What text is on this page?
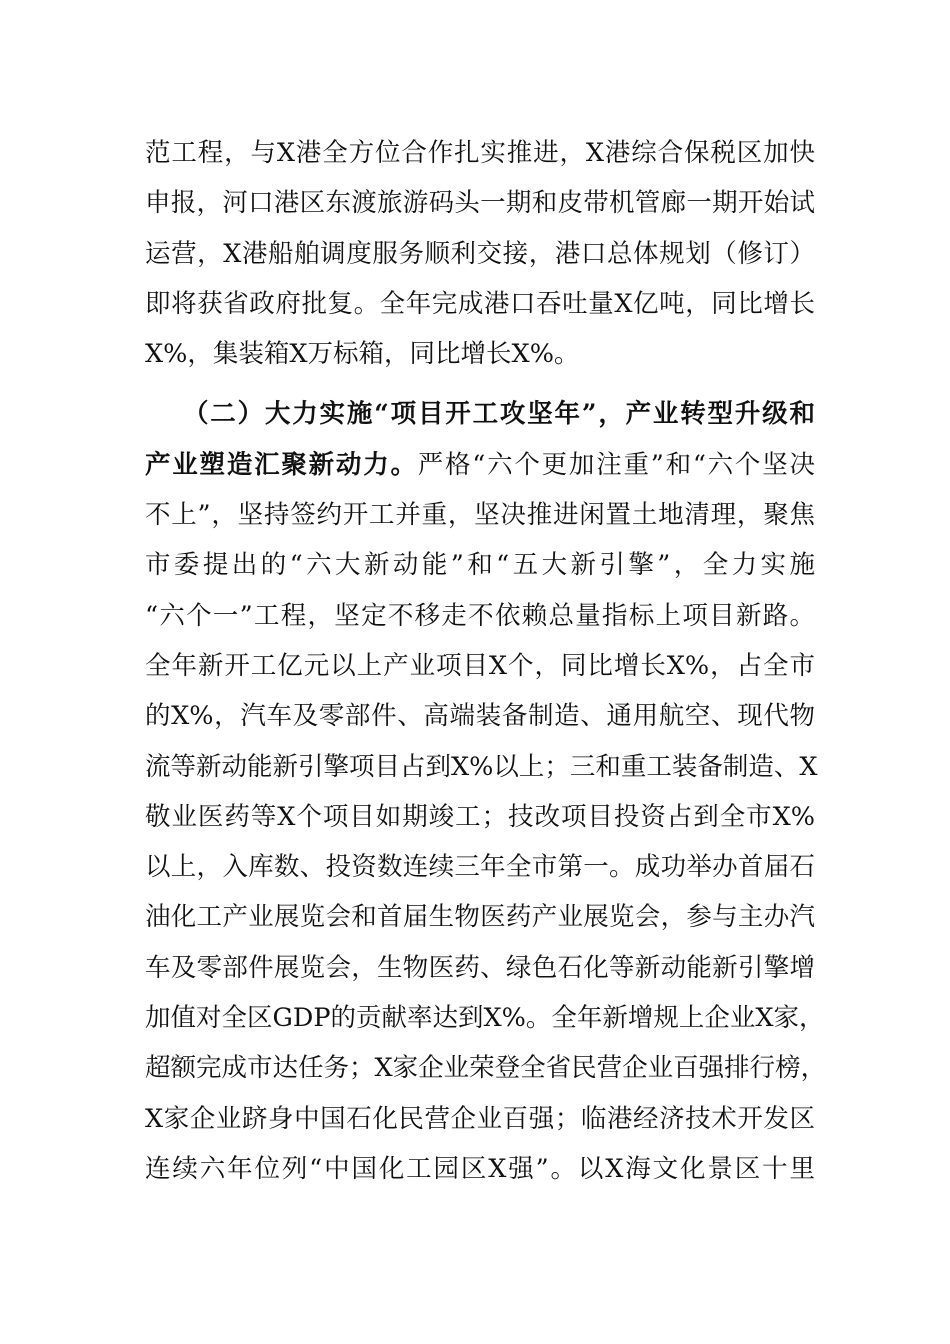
范工程，与X港全方位合作扎实推进，X港综合保税区加快
申报，河口港区东渡旅游码头一期和皮带机管廊一期开始试
运营，X港船舶调度服务顺利交接，港口总体规划（修订）
即将获省政府批复。全年完成港口吞吐量X亿吨，同比增长
X%，集装箱X万标箱，同比增长X%。
（二）大力实施“项目开工攻坚年”，产业转型升级和
产业塑造汇聚新动力。严格“六个更加注重”和“六个坚决
不上”，坚持签约开工并重，坚决推进闲置土地清理，聚焦
市委提出的“六大新动能”和“五大新引擎”，全力实施
“六个一”工程，坚定不移走不依赖总量指标上项目新路。
全年新开工亿元以上产业项目X个，同比增长X%，占全市
的X%，汽车及零部件、高端装备制造、通用航空、现代物
流等新动能新引擎项目占到X%以上；三和重工装备制造、X
敬业医药等X个项目如期竣工；技改项目投资占到全市X%
以上，入库数、投资数连续三年全市第一。成功举办首届石
油化工产业展览会和首届生物医药产业展览会，参与主办汽
车及零部件展览会，生物医药、绿色石化等新动能新引擎增
加值对全区GDP的贡献率达到X%。全年新增规上企业X家，
超额完成市达任务；X家企业荣登全省民营企业百强排行榜，
X家企业跻身中国石化民营企业百强；临港经济技术开发区
连续六年位列“中国化工园区X强”。以X海文化景区十里
